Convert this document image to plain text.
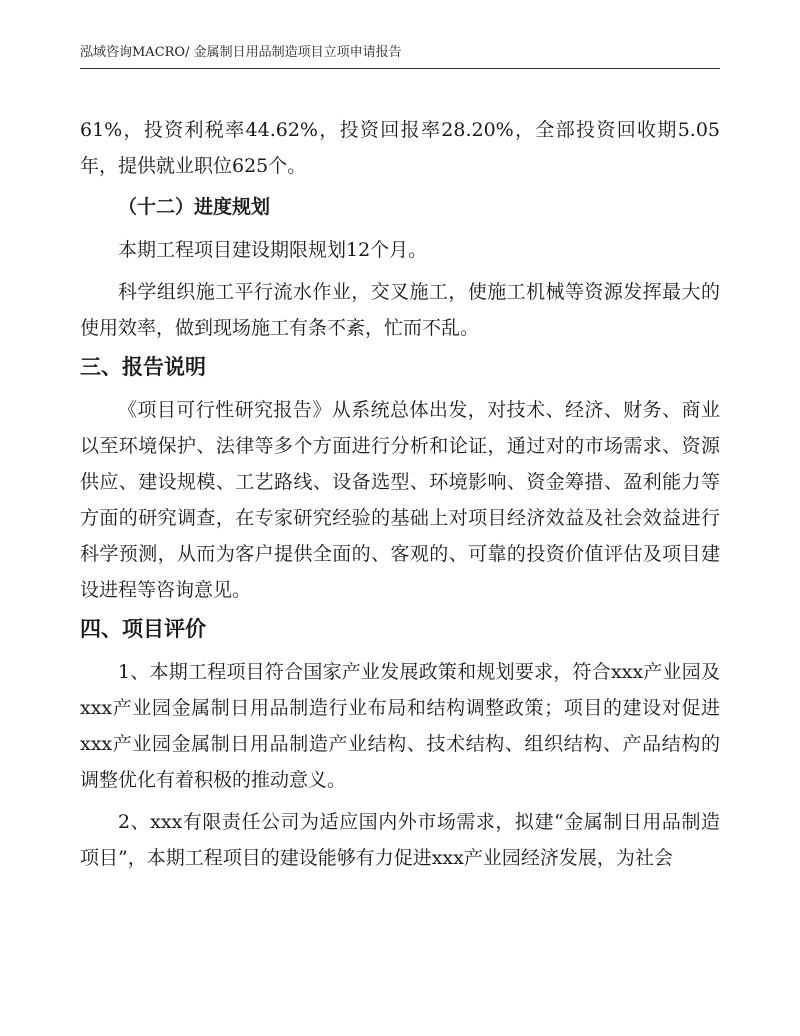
泓域咨询MACRO/ 金属制日用品制造项目立项申请报告

61%，投资利税率44.62%，投资回报率28.20%，全部投资回收期5.05年，提供就业职位625个。

（十二）进度规划

本期工程项目建设期限规划12个月。

科学组织施工平行流水作业，交叉施工，使施工机械等资源发挥最大的使用效率，做到现场施工有条不紊，忙而不乱。

三、报告说明

《项目可行性研究报告》从系统总体出发，对技术、经济、财务、商业以至环境保护、法律等多个方面进行分析和论证，通过对的市场需求、资源供应、建设规模、工艺路线、设备选型、环境影响、资金筹措、盈利能力等方面的研究调查，在专家研究经验的基础上对项目经济效益及社会效益进行科学预测，从而为客户提供全面的、客观的、可靠的投资价值评估及项目建设进程等咨询意见。

四、项目评价

1、本期工程项目符合国家产业发展政策和规划要求，符合xxx产业园及xxx产业园金属制日用品制造行业布局和结构调整政策；项目的建设对促进xxx产业园金属制日用品制造产业结构、技术结构、组织结构、产品结构的调整优化有着积极的推动意义。

2、xxx有限责任公司为适应国内外市场需求，拟建“金属制日用品制造项目”，本期工程项目的建设能够有力促进xxx产业园经济发展，为社会
